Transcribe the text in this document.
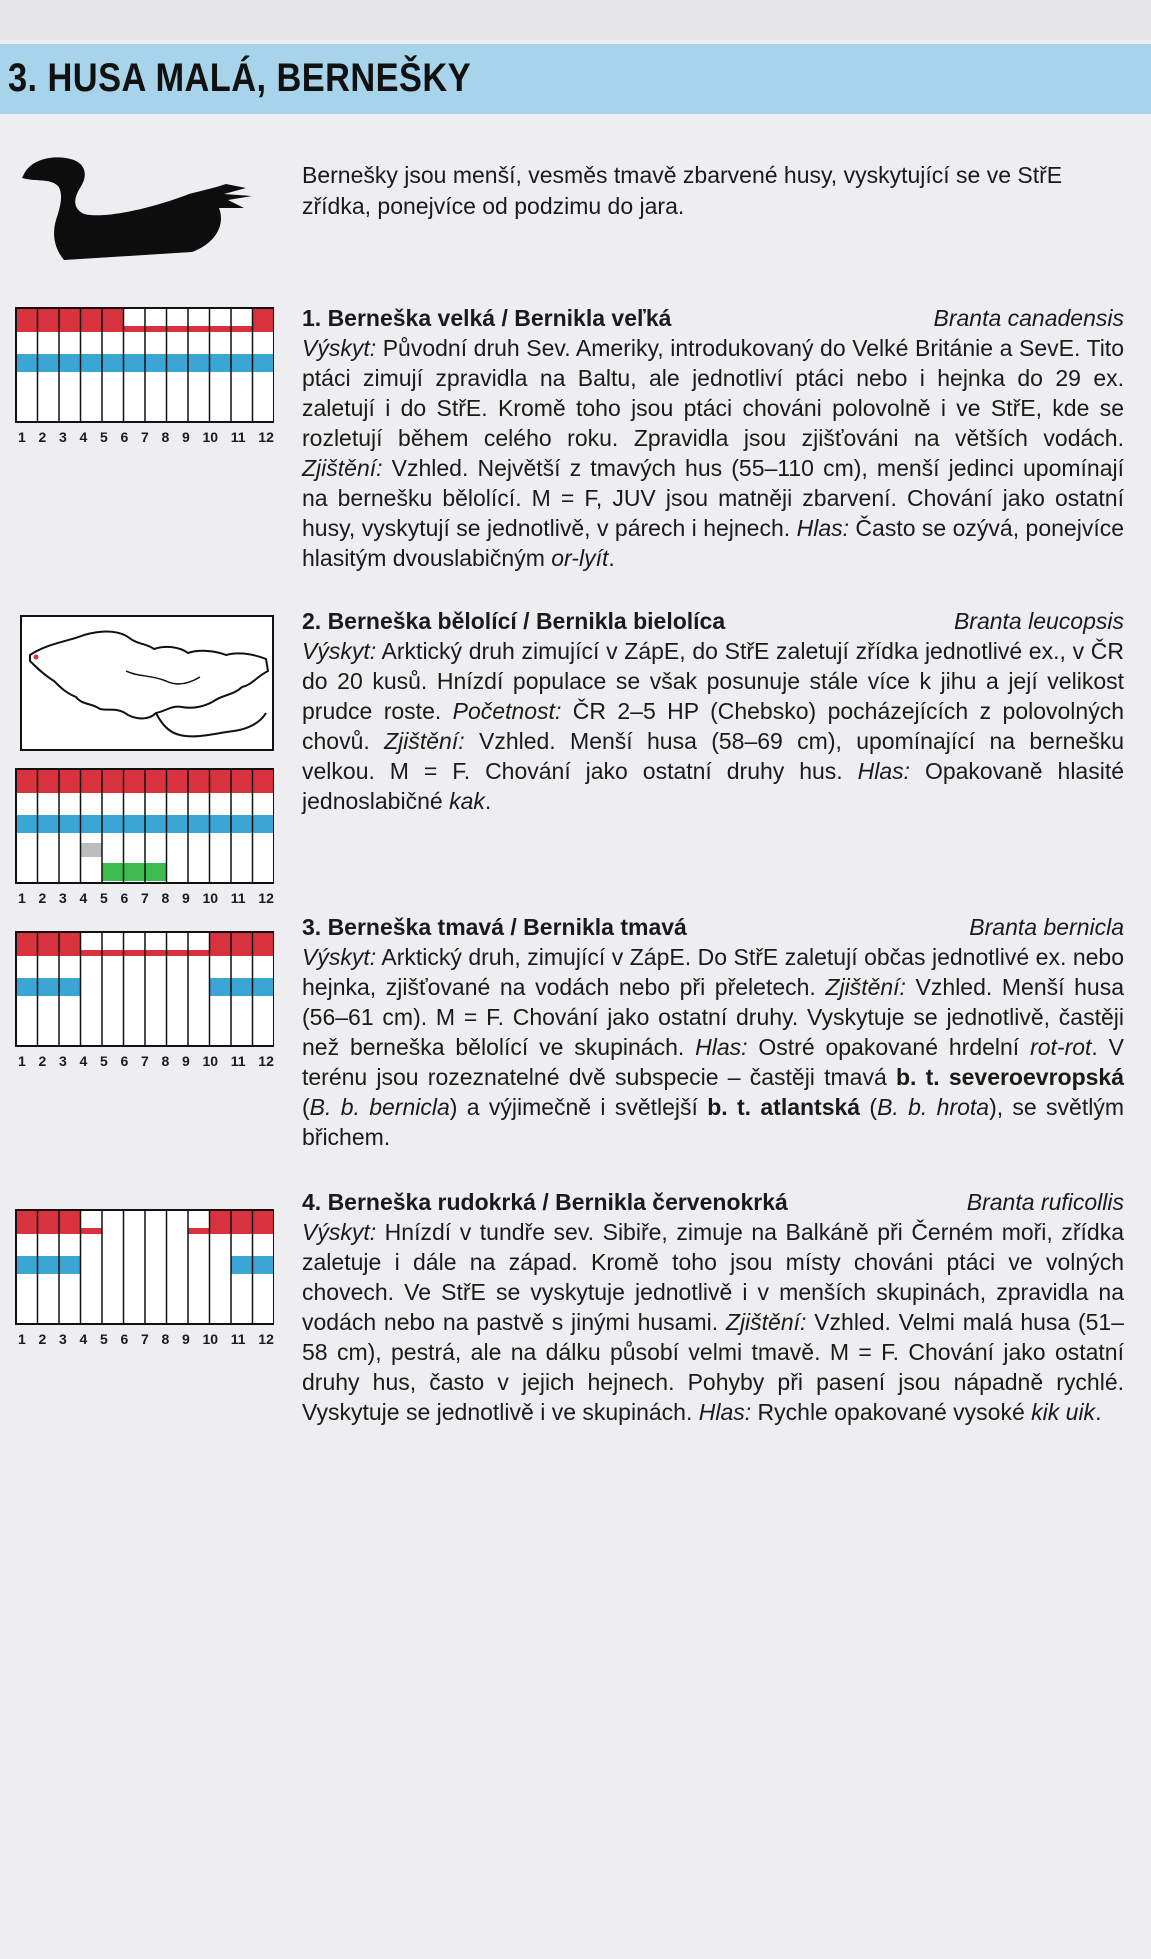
3. HUSA MALÁ, BERNEŠKY
Bernešky jsou menší, vesměs tmavě zbarvené husy, vyskytující se ve StřE zřídka, ponejvíce od podzimu do jara.
1 2 3 4 5 6 7 8 9 10 11 12
1 2 3 4 5 6 7 8 9 10 11 12
1 2 3 4 5 6 7 8 9 10 11 12
1 2 3 4 5 6 7 8 9 10 11 12
1. Berneška velká / Bernikla veľká	Branta canadensis
Výskyt: Původní druh Sev. Ameriky, introdukovaný do Velké Británie a SevE. Tito ptáci zimují zpravidla na Baltu, ale jednotliví ptáci nebo i hejnka do 29 ex. zaletují i do StřE. Kromě toho jsou ptáci chováni polovolně i ve StřE, kde se rozletují během celého roku. Zpravidla jsou zjišťováni na větších vodách. Zjištění: Vzhled. Největší z tmavých hus (55–110 cm), menší jedinci upomínají na bernešku bělolící. M = F, JUV jsou matněji zbarvení. Chování jako ostatní husy, vyskytují se jednotlivě, v párech i hejnech. Hlas: Často se ozývá, ponejvíce hlasitým dvouslabičným or-lyít.
2. Berneška bělolící / Bernikla bielolíca	Branta leucopsis
Výskyt: Arktický druh zimující v ZápE, do StřE zaletují zřídka jednotlivé ex., v ČR do 20 kusů. Hnízdí populace se však posunuje stále více k jihu a její velikost prudce roste. Početnost: ČR 2–5 HP (Chebsko) pocházejících z polovolných chovů. Zjištění: Vzhled. Menší husa (58–69 cm), upomínající na bernešku velkou. M = F. Chování jako ostatní druhy hus. Hlas: Opakovaně hlasité jednoslabičné kak.
3. Berneška tmavá / Bernikla tmavá	Branta bernicla
Výskyt: Arktický druh, zimující v ZápE. Do StřE zaletují občas jednotlivé ex. nebo hejnka, zjišťované na vodách nebo při přeletech. Zjištění: Vzhled. Menší husa (56–61 cm). M = F. Chování jako ostatní druhy. Vyskytuje se jednotlivě, častěji než berneška bělolící ve skupinách. Hlas: Ostré opakované hrdelní rot-rot. V terénu jsou rozeznatelné dvě subspecie – častěji tmavá b. t. severoevropská (B. b. bernicla) a výjimečně i světlejší b. t. atlantská (B. b. hrota), se světlým břichem.
4. Berneška rudokrká / Bernikla červenokrká	Branta ruficollis
Výskyt: Hnízdí v tundře sev. Sibiře, zimuje na Balkáně při Černém moři, zřídka zaletuje i dále na západ. Kromě toho jsou místy chováni ptáci ve volných chovech. Ve StřE se vyskytuje jednotlivě i v menších skupinách, zpravidla na vodách nebo na pastvě s jinými husami. Zjištění: Vzhled. Velmi malá husa (51–58 cm), pestrá, ale na dálku působí velmi tmavě. M = F. Chování jako ostatní druhy hus, často v jejich hejnech. Pohyby při pasení jsou nápadně rychlé. Vyskytuje se jednotlivě i ve skupinách. Hlas: Rychle opakované vysoké kik uik.
